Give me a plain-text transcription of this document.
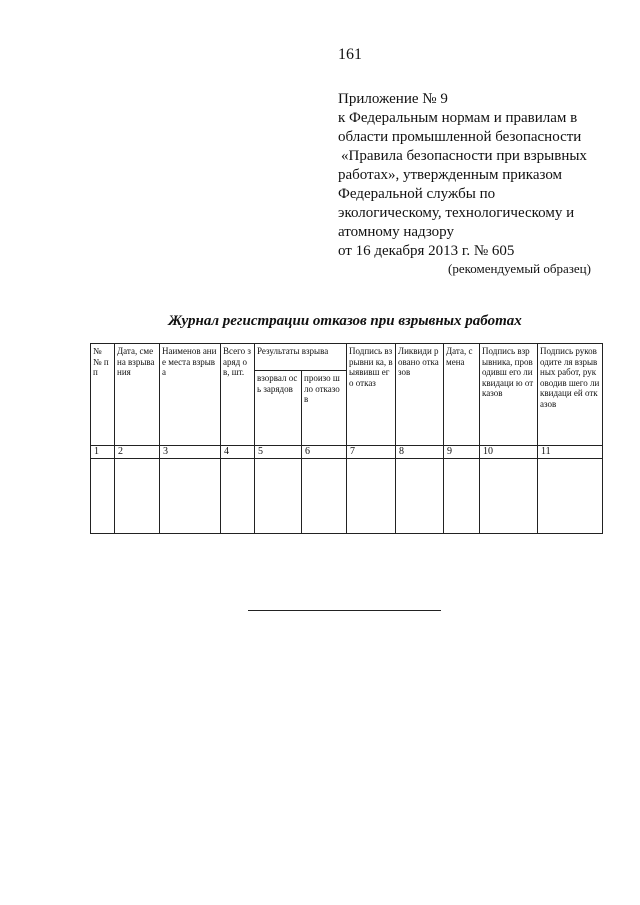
161
Приложение № 9
к Федеральным нормам и правилам в
области промышленной безопасности
«Правила безопасности при взрывных
работах», утвержденным приказом
Федеральной службы по
экологическому, технологическому и
атомному надзору
от 16 декабря 2013 г. № 605
(рекомендуемый образец)
Журнал регистрации отказов при взрывных работах
№ № пп	Дата, смена взрыва ния	Наименов ание места взрыва	Всего заряд ов, шт.	Результаты взрыва		Подпись взрывни ка, выявивш его отказ	Ликвиди ровано отказов	Дата, смена	Подпись взрывника, проводивш его ликвидаци ю отказов	Подпись руководите ля взрывных работ, руководив шего ликвидаци ей отказов
				взорвал ось зарядов	произо шло отказов					
1	2	3	4	5	6	7	8	9	10	11
